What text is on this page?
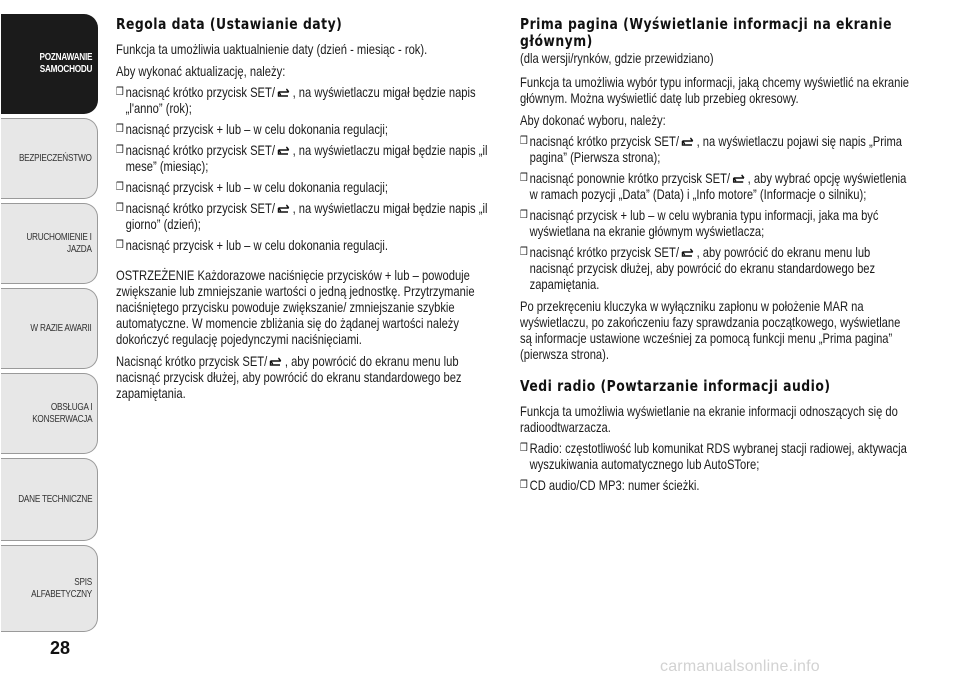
POZNAWANIE
SAMOCHODU
BEZPIECZEŃSTWO
URUCHOMIENIE I
JAZDA
W RAZIE AWARII
OBSŁUGA I
KONSERWACJA
DANE TECHNICZNE
SPIS ALFABETYCZNY
28
Regola data (Ustawianie daty)

Funkcja ta umożliwia uaktualnienie daty (dzień - miesiąc - rok).

Aby wykonać aktualizację, należy:

❒ nacisnąć krótko przycisk SET/ , na wyświetlaczu migał będzie napis „l'anno” (rok);
❒ nacisnąć przycisk + lub – w celu dokonania regulacji;
❒ nacisnąć krótko przycisk SET/ , na wyświetlaczu migał będzie napis „il mese” (miesiąc);
❒ nacisnąć przycisk + lub – w celu dokonania regulacji;
❒ nacisnąć krótko przycisk SET/ , na wyświetlaczu migał będzie napis „il giorno” (dzień);
❒ nacisnąć przycisk + lub – w celu dokonania regulacji.

OSTRZEŻENIE Każdorazowe naciśnięcie przycisków + lub – powoduje zwiększanie lub zmniejszanie wartości o jedną jednostkę. Przytrzymanie naciśniętego przycisku powoduje zwiększanie/ zmniejszanie szybkie automatyczne. W momencie zbliżania się do żądanej wartości należy dokończyć regulację pojedynczymi naciśnięciami.

Nacisnąć krótko przycisk SET/ , aby powrócić do ekranu menu lub nacisnąć przycisk dłużej, aby powrócić do ekranu standardowego bez zapamiętania.

Prima pagina (Wyświetlanie informacji na ekranie głównym)

(dla wersji/rynków, gdzie przewidziano)

Funkcja ta umożliwia wybór typu informacji, jaką chcemy wyświetlić na ekranie głównym. Można wyświetlić datę lub przebieg okresowy.

Aby dokonać wyboru, należy:

❒ nacisnąć krótko przycisk SET/ , na wyświetlaczu pojawi się napis „Prima pagina” (Pierwsza strona);
❒ nacisnąć ponownie krótko przycisk SET/ , aby wybrać opcję wyświetlenia w ramach pozycji „Data” (Data) i „Info motore” (Informacje o silniku);
❒ nacisnąć przycisk + lub – w celu wybrania typu informacji, jaka ma być wyświetlana na ekranie głównym wyświetlacza;
❒ nacisnąć krótko przycisk SET/ , aby powrócić do ekranu menu lub nacisnąć przycisk dłużej, aby powrócić do ekranu standardowego bez zapamiętania.

Po przekręceniu kluczyka w wyłączniku zapłonu w położenie MAR na wyświetlaczu, po zakończeniu fazy sprawdzania początkowego, wyświetlane są informacje ustawione wcześniej za pomocą funkcji menu „Prima pagina” (pierwsza strona).

Vedi radio (Powtarzanie informacji audio)

Funkcja ta umożliwia wyświetlanie na ekranie informacji odnoszących się do radioodtwarzacza.

❒ Radio: częstotliwość lub komunikat RDS wybranej stacji radiowej, aktywacja wyszukiwania automatycznego lub AutoSTore;
❒ CD audio/CD MP3: numer ścieżki.
carmanualsonline.info
